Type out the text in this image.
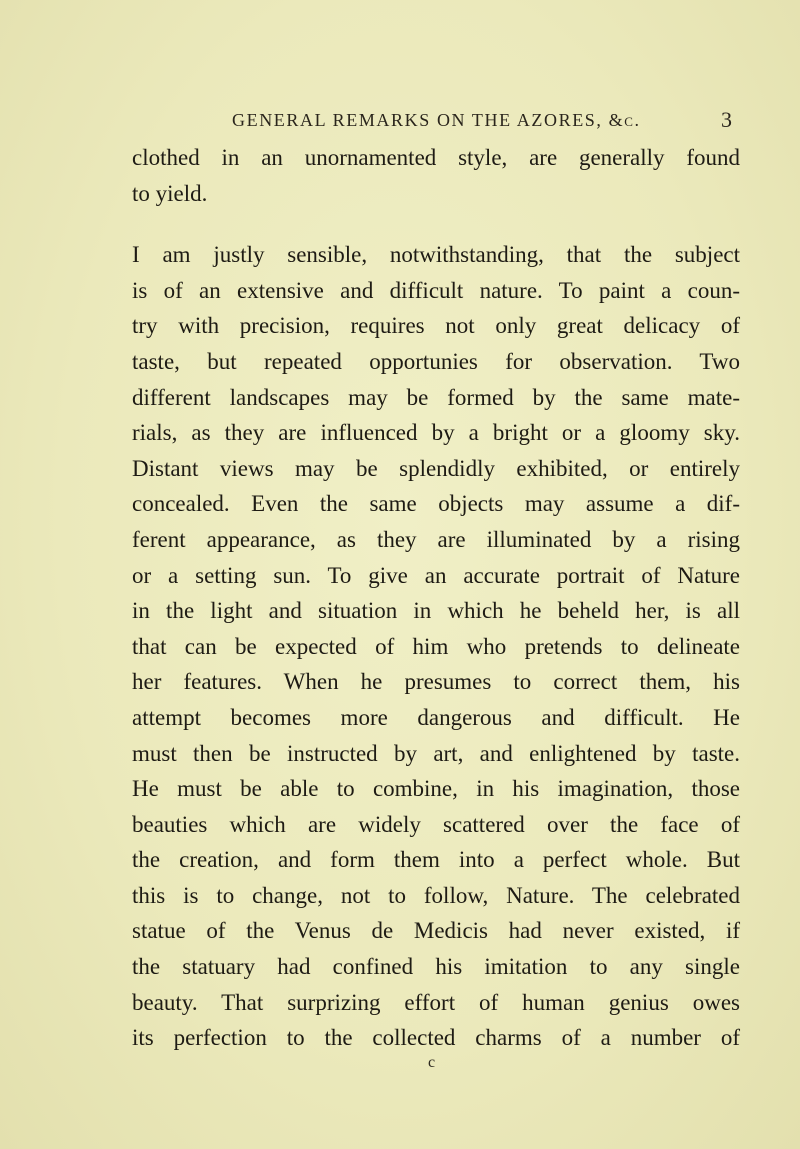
GENERAL REMARKS ON THE AZORES, &c.	3
clothed in an unornamented style, are generally found
to yield.
I am justly sensible, notwithstanding, that the subject
is of an extensive and difficult nature. To paint a coun-
try with precision, requires not only great delicacy of
taste, but repeated opportunies for observation. Two
different landscapes may be formed by the same mate-
rials, as they are influenced by a bright or a gloomy sky.
Distant views may be splendidly exhibited, or entirely
concealed. Even the same objects may assume a dif-
ferent appearance, as they are illuminated by a rising
or a setting sun. To give an accurate portrait of Nature
in the light and situation in which he beheld her, is all
that can be expected of him who pretends to delineate
her features. When he presumes to correct them, his
attempt becomes more dangerous and difficult. He
must then be instructed by art, and enlightened by taste.
He must be able to combine, in his imagination, those
beauties which are widely scattered over the face of
the creation, and form them into a perfect whole. But
this is to change, not to follow, Nature. The celebrated
statue of the Venus de Medicis had never existed, if
the statuary had confined his imitation to any single
beauty. That surprizing effort of human genius owes
its perfection to the collected charms of a number of
c
